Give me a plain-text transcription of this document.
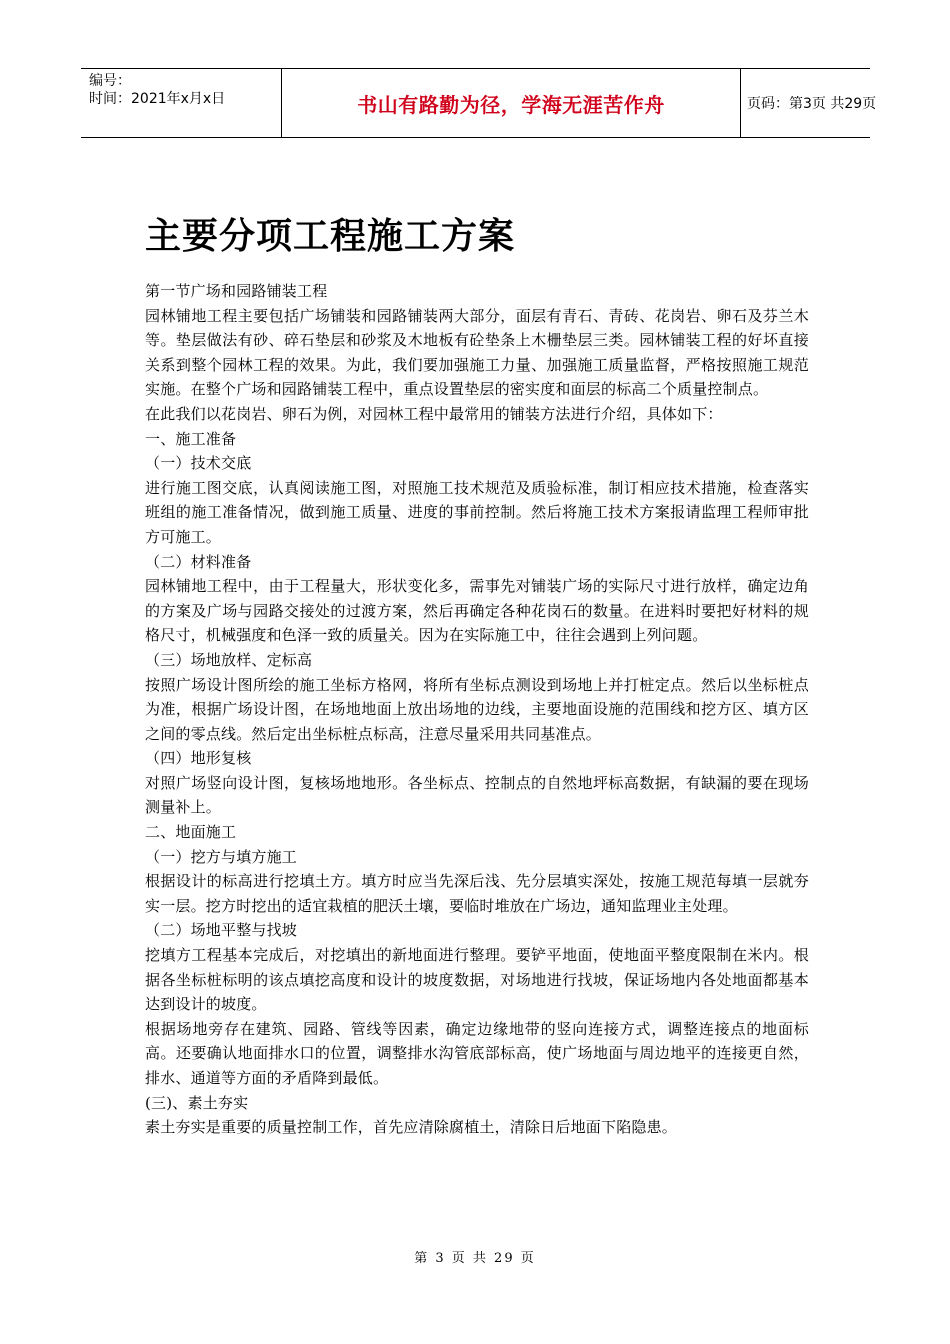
编号：
时间：2021年x月x日	书山有路勤为径，学海无涯苦作舟	页码：第3页 共29页
主要分项工程施工方案

第一节广场和园路铺装工程

园林铺地工程主要包括广场铺装和园路铺装两大部分，面层有青石、青砖、花岗岩、卵石及芬兰木等。垫层做法有砂、碎石垫层和砂浆及木地板有砼垫条上木栅垫层三类。园林铺装工程的好坏直接关系到整个园林工程的效果。为此，我们要加强施工力量、加强施工质量监督，严格按照施工规范实施。在整个广场和园路铺装工程中，重点设置垫层的密实度和面层的标高二个质量控制点。

在此我们以花岗岩、卵石为例，对园林工程中最常用的铺装方法进行介绍，具体如下：

一、施工准备

（一）技术交底

进行施工图交底，认真阅读施工图，对照施工技术规范及质验标准，制订相应技术措施，检查落实班组的施工准备情况，做到施工质量、进度的事前控制。然后将施工技术方案报请监理工程师审批方可施工。

（二）材料准备

园林铺地工程中，由于工程量大，形状变化多，需事先对铺装广场的实际尺寸进行放样，确定边角的方案及广场与园路交接处的过渡方案，然后再确定各种花岗石的数量。在进料时要把好材料的规格尺寸，机械强度和色泽一致的质量关。因为在实际施工中，往往会遇到上列问题。

（三）场地放样、定标高

按照广场设计图所绘的施工坐标方格网，将所有坐标点测设到场地上并打桩定点。然后以坐标桩点为准，根据广场设计图，在场地地面上放出场地的边线，主要地面设施的范围线和挖方区、填方区之间的零点线。然后定出坐标桩点标高，注意尽量采用共同基准点。

（四）地形复核

对照广场竖向设计图，复核场地地形。各坐标点、控制点的自然地坪标高数据，有缺漏的要在现场测量补上。

二、地面施工

（一）挖方与填方施工

根据设计的标高进行挖填土方。填方时应当先深后浅、先分层填实深处，按施工规范每填一层就夯实一层。挖方时挖出的适宜栽植的肥沃土壤，要临时堆放在广场边，通知监理业主处理。

（二）场地平整与找坡

挖填方工程基本完成后，对挖填出的新地面进行整理。要铲平地面，使地面平整度限制在米内。根据各坐标桩标明的该点填挖高度和设计的坡度数据，对场地进行找坡，保证场地内各处地面都基本达到设计的坡度。

根据场地旁存在建筑、园路、管线等因素，确定边缘地带的竖向连接方式，调整连接点的地面标高。还要确认地面排水口的位置，调整排水沟管底部标高，使广场地面与周边地平的连接更自然，排水、通道等方面的矛盾降到最低。

(三)、素土夯实

素土夯实是重要的质量控制工作，首先应清除腐植土，清除日后地面下陷隐患。

第 3 页 共 29 页
